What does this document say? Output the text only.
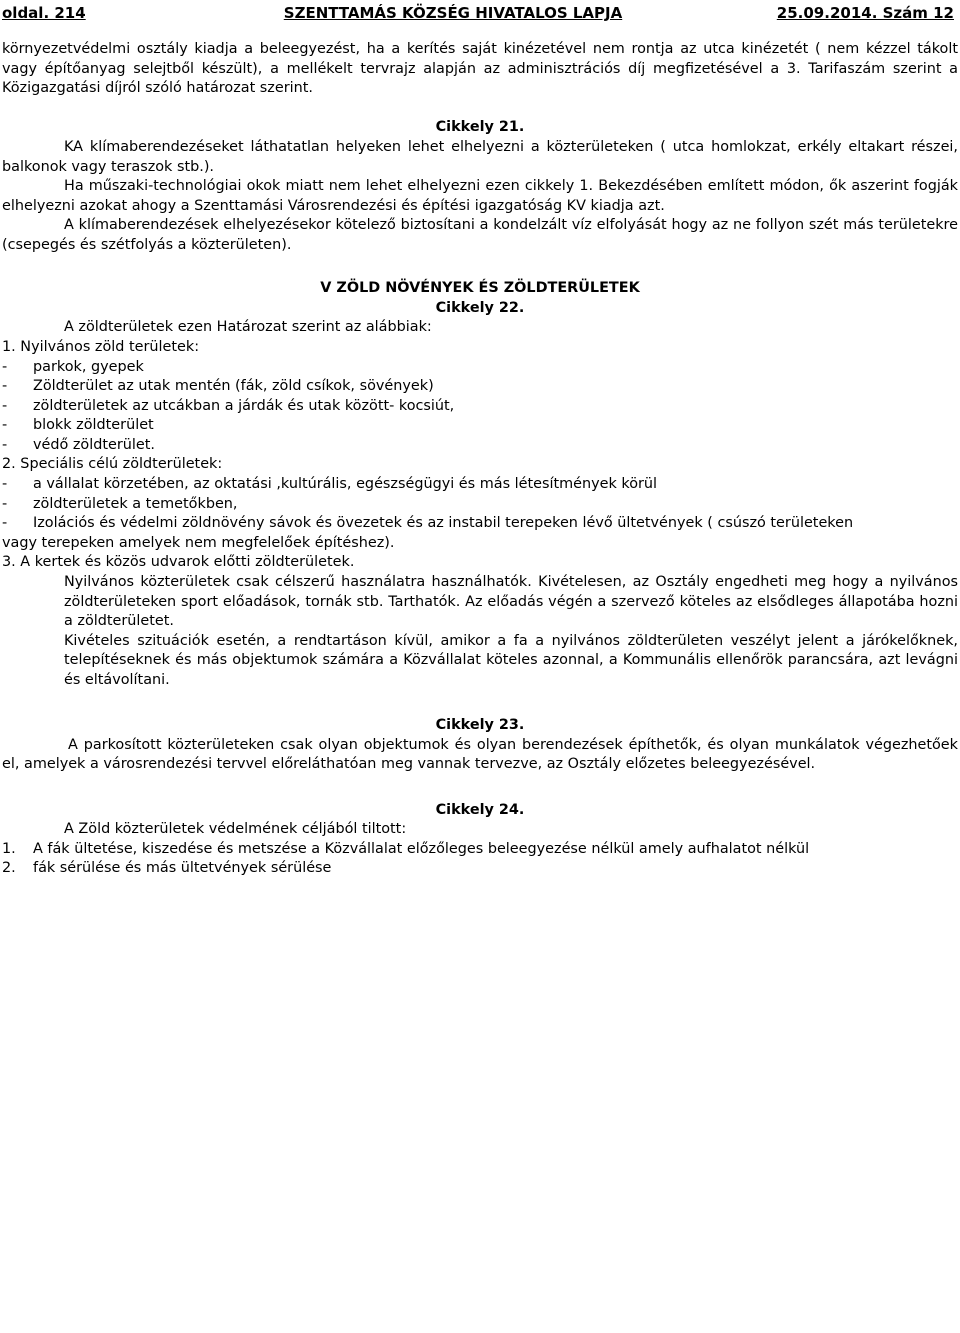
oldal. 214	SZENTTAMÁS KÖZSÉG HIVATALOS LAPJA	25.09.2014. Szám 12

környezetvédelmi osztály kiadja a beleegyezést, ha a kerítés saját kinézetével nem rontja az utca kinézetét ( nem kézzel tákolt vagy építőanyag selejtből készült), a mellékelt tervrajz alapján az adminisztrációs díj megfizetésével a 3. Tarifaszám szerint a Közigazgatási díjról szóló határozat szerint.

Cikkely 21.

KA klímaberendezéseket láthatatlan helyeken lehet elhelyezni a közterületeken ( utca homlokzat, erkély eltakart részei, balkonok vagy teraszok stb.).

Ha műszaki-technológiai okok miatt nem lehet elhelyezni ezen cikkely 1. Bekezdésében említett módon, ők aszerint fogják elhelyezni azokat ahogy a Szenttamási Városrendezési és építési igazgatóság KV kiadja azt.

A klímaberendezések elhelyezésekor kötelező biztosítani a kondelzált víz elfolyását hogy az ne follyon szét más területekre (csepegés és szétfolyás a közterületen).

V ZÖLD NÖVÉNYEK ÉS ZÖLDTERÜLETEK

Cikkely 22.

A zöldterületek ezen Határozat szerint az alábbiak:

1. Nyilvános zöld területek:

-	parkok, gyepek
-	Zöldterület az utak mentén (fák, zöld csíkok, sövények)
-	zöldterületek az utcákban a járdák és utak között- kocsiút,
-	blokk zöldterület
-	védő zöldterület.

2. Speciális célú zöldterületek:

-	a vállalat körzetében, az oktatási ,kultúrális, egészségügyi és más létesítmények körül
-	zöldterületek a temetőkben,
-	Izolációs és védelmi zöldnövény sávok és övezetek és az instabil terepeken lévő ültetvények ( csúszó területeken

vagy terepeken amelyek nem megfelelőek építéshez).

3. A kertek és közös udvarok előtti zöldterületek.

Nyilvános közterületek csak célszerű használatra használhatók. Kivételesen, az Osztály engedheti meg hogy a nyilvános zöldterületeken sport előadások, tornák stb. Tarthatók. Az előadás végén a szervező köteles az elsődleges állapotába hozni a zöldterületet.

Kivételes szituációk esetén, a rendtartáson kívül, amikor a fa a nyilvános zöldterületen veszélyt jelent a járókelőknek, telepítéseknek és más objektumok számára a Közvállalat köteles azonnal, a Kommunális ellenőrök parancsára, azt levágni és eltávolítani.

Cikkely 23.

A parkosított közterületeken csak olyan objektumok és olyan berendezések építhetők, és olyan munkálatok végezhetőek el, amelyek a városrendezési tervvel előreláthatóan meg vannak tervezve, az Osztály előzetes beleegyezésével.

Cikkely 24.

A Zöld közterületek védelmének céljából tiltott:

1. A fák ültetése, kiszedése és metszése a Közvállalat előzőleges beleegyezése nélkül amely aufhalatot nélkül

2. fák sérülése és más ültetvények sérülése
